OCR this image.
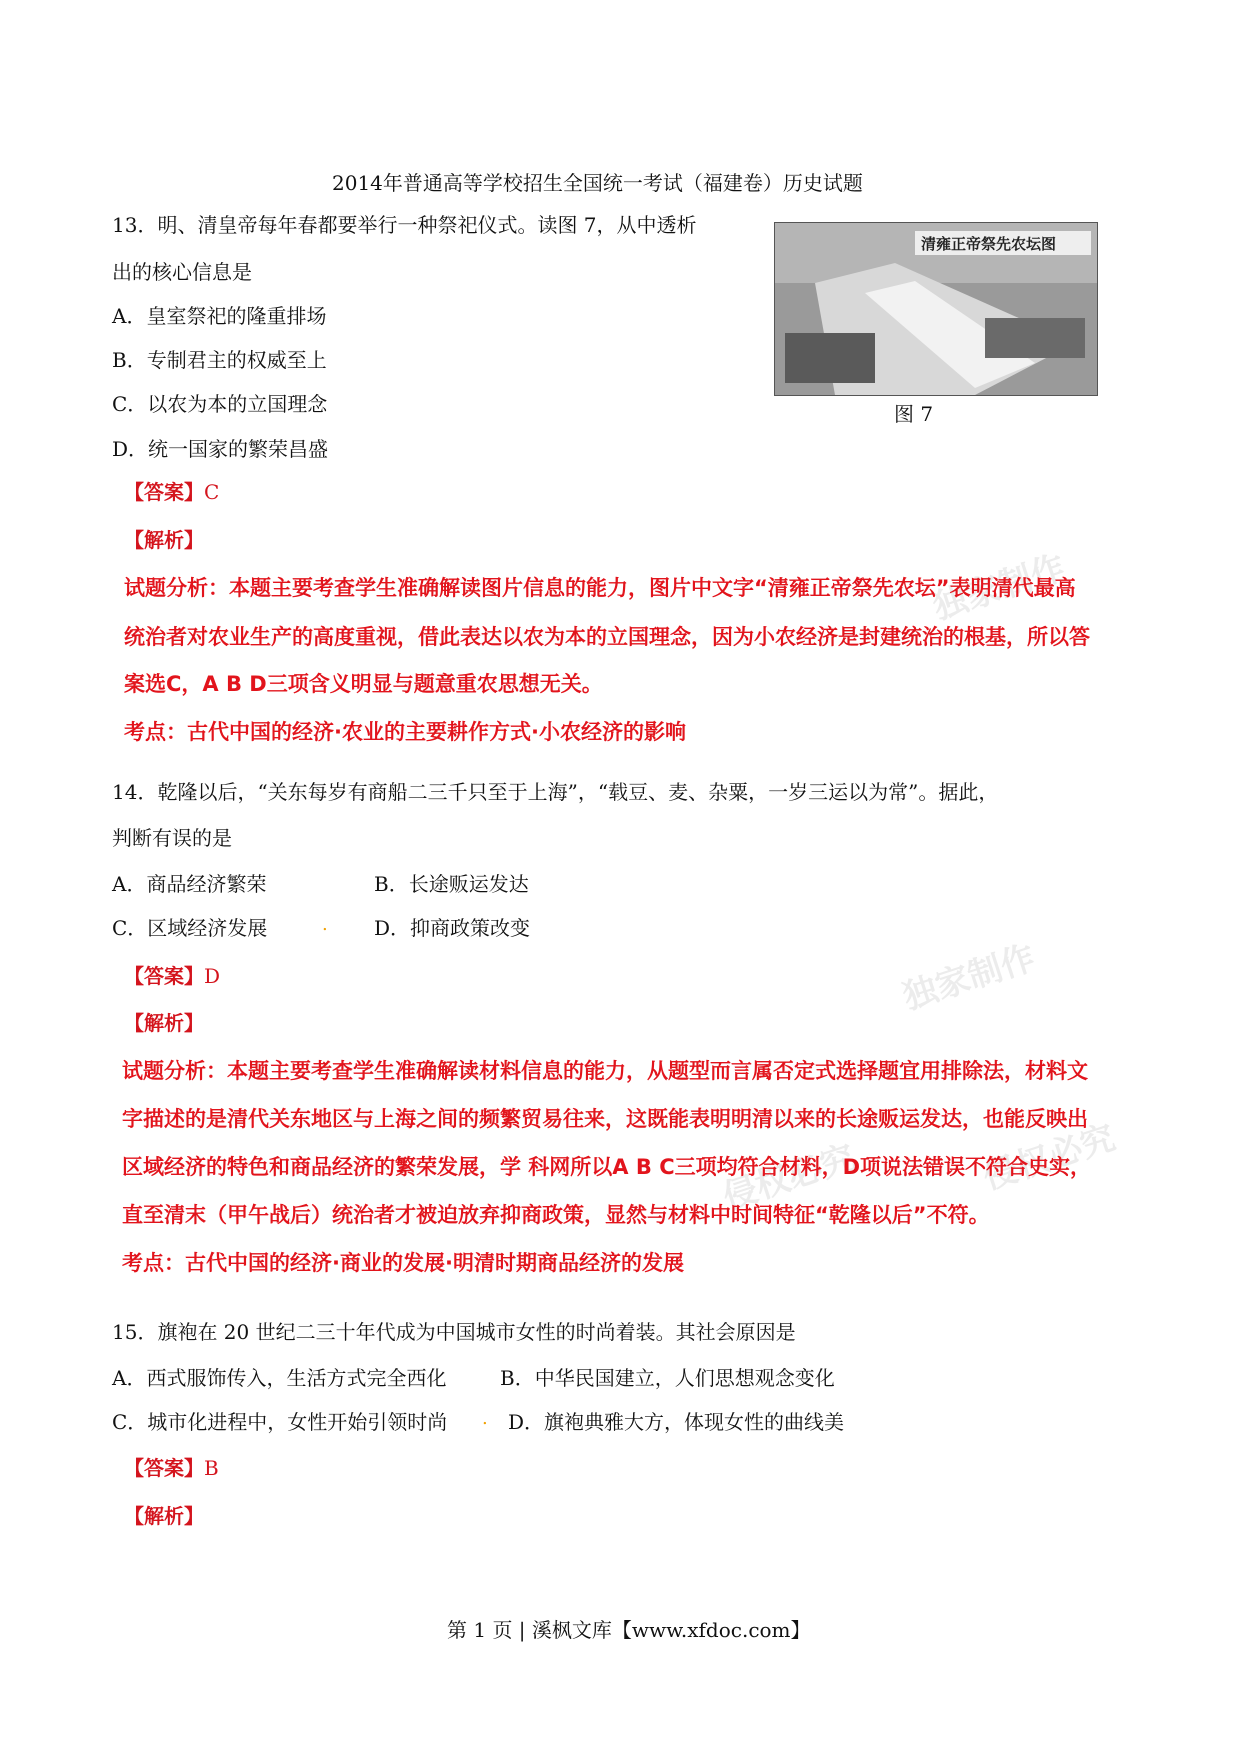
独家制作
独家制作
侵权必究
侵权必究
2014年普通高等学校招生全国统一考试（福建卷）历史试题
13．明、清皇帝每年春都要举行一种祭祀仪式。读图 7，从中透析
出的核心信息是
A．皇室祭祀的隆重排场
B．专制君主的权威至上
C．以农为本的立国理念
D．统一国家的繁荣昌盛
清雍正帝祭先农坛图
图 7
【答案】C
【解析】
试题分析：本题主要考查学生准确解读图片信息的能力，图片中文字“清雍正帝祭先农坛”表明清代最高
统治者对农业生产的高度重视，借此表达以农为本的立国理念，因为小农经济是封建统治的根基，所以答
案选C，A B D三项含义明显与题意重农思想无关。
考点：古代中国的经济·农业的主要耕作方式·小农经济的影响
14．乾隆以后，“关东每岁有商船二三千只至于上海”，“载豆、麦、杂粟，一岁三运以为常”。据此，
判断有误的是
A．商品经济繁荣	B．长途贩运发达
C．区域经济发展	. D．抑商政策改变
【答案】D
【解析】
试题分析：本题主要考查学生准确解读材料信息的能力，从题型而言属否定式选择题宜用排除法，材料文
字描述的是清代关东地区与上海之间的频繁贸易往来，这既能表明明清以来的长途贩运发达，也能反映出
区域经济的特色和商品经济的繁荣发展，学 科网所以A B C三项均符合材料，D项说法错误不符合史实，
直至清末（甲午战后）统治者才被迫放弃抑商政策，显然与材料中时间特征“乾隆以后”不符。
考点：古代中国的经济·商业的发展·明清时期商品经济的发展
15．旗袍在 20 世纪二三十年代成为中国城市女性的时尚着装。其社会原因是
A．西式服饰传入，生活方式完全西化	B．中华民国建立，人们思想观念变化
C．城市化进程中，女性开始引领时尚 . D．旗袍典雅大方，体现女性的曲线美
【答案】B
【解析】
第 1 页 | 溪枫文库【www.xfdoc.com】
